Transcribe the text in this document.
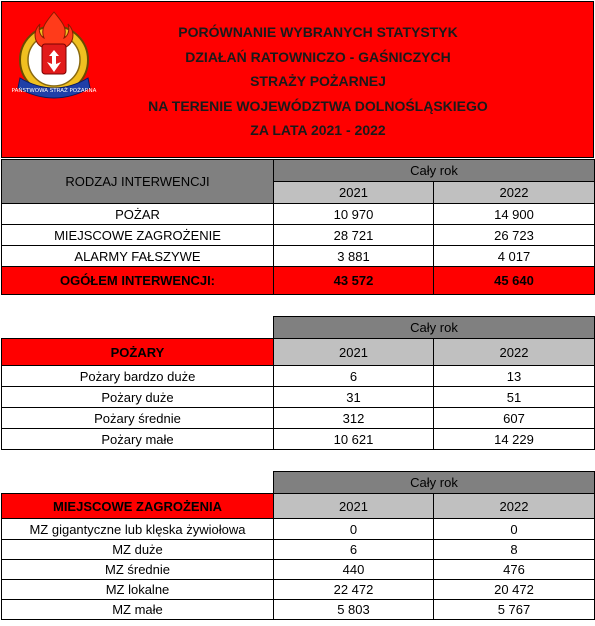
PAŃSTWOWA STRAŻ POŻARNA
PORÓWNANIE WYBRANYCH STATYSTYK
DZIAŁAŃ RATOWNICZO - GAŚNICZYCH
STRAŻY POŻARNEJ
NA TERENIE WOJEWÓDZTWA DOLNOŚLĄSKIEGO
ZA LATA 2021 - 2022
RODZAJ INTERWENCJI	Cały rok	
	2021	2022
POŻAR	10 970	14 900
MIEJSCOWE ZAGROŻENIE	28 721	26 723
ALARMY FAŁSZYWE	3 881	4 017
OGÓŁEM INTERWENCJI:	43 572	45 640
	Cały rok	
POŻARY	2021	2022
Pożary bardzo duże	6	13
Pożary duże	31	51
Pożary średnie	312	607
Pożary małe	10 621	14 229
	Cały rok	
MIEJSCOWE ZAGROŻENIA	2021	2022
MZ gigantyczne lub klęska żywiołowa	0	0
MZ duże	6	8
MZ średnie	440	476
MZ lokalne	22 472	20 472
MZ małe	5 803	5 767
